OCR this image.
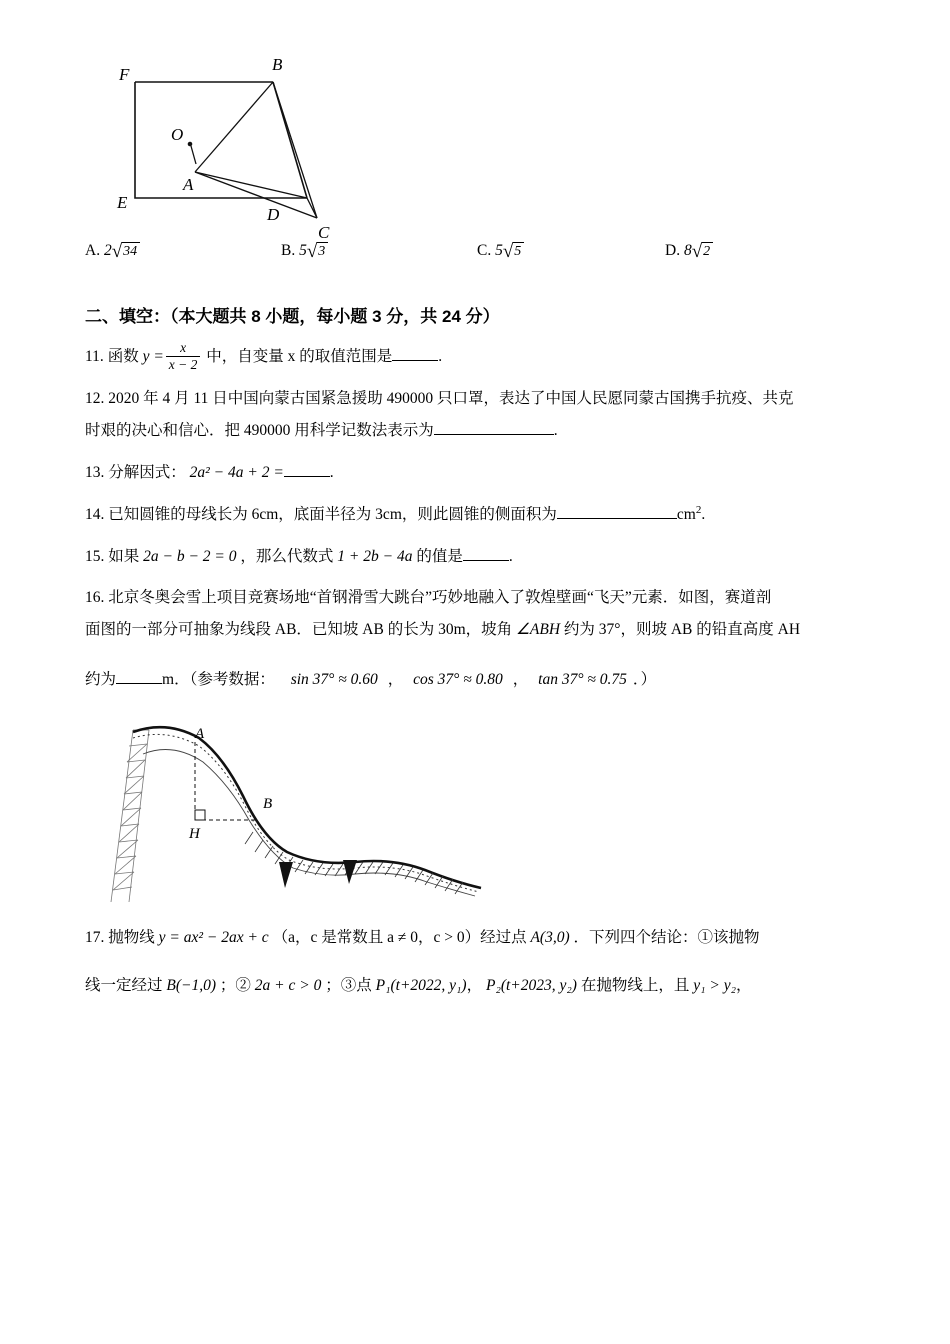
F
B
O
A
E
D
C
A. 2√34	B. 5√3	C. 5√5	D. 8√2
二、填空：（本大题共 8 小题，每小题 3 分，共 24 分）
11. 函数 $y = \frac{x}{x - 2}$ 中，自变量 x 的取值范围是	.
12. 2020 年 4 月 11 日中国向蒙古国紧急援助 490000 只口罩，表达了中国人民愿同蒙古国携手抗疫、共克
时艰的决心和信心．把 490000 用科学记数法表示为	.
13. 分解因式： 2a² − 4a + 2 =	.
14. 已知圆锥的母线长为 6cm，底面半径为 3cm，则此圆锥的侧面积为	$cm^2$.
15. 如果 2a − b − 2 = 0 ，那么代数式 1 + 2b − 4a 的值是	.
16. 北京冬奥会雪上项目竞赛场地“首钢滑雪大跳台”巧妙地融入了敦煌壁画“飞天”元素．如图，赛道剖
面图的一部分可抽象为线段 AB．已知坡 AB 的长为 30m，坡角 ∠ABH 约为 37°，则坡 AB 的铅直高度 AH
约为	m．（参考数据： sin 37° ≈ 0.60 ， cos 37° ≈ 0.80 ， tan 37° ≈ 0.75 ．）
A
B
H
17. 抛物线 y = ax² − 2ax + c （a，c 是常数且 a ≠ 0，c > 0）经过点 A(3,0) ．下列四个结论：①该抛物
线一定经过 B(−1,0) ；② 2a + c > 0 ；③点 P₁(t+2022, y₁)， P₂(t+2023, y₂) 在抛物线上，且 y₁ > y₂，
